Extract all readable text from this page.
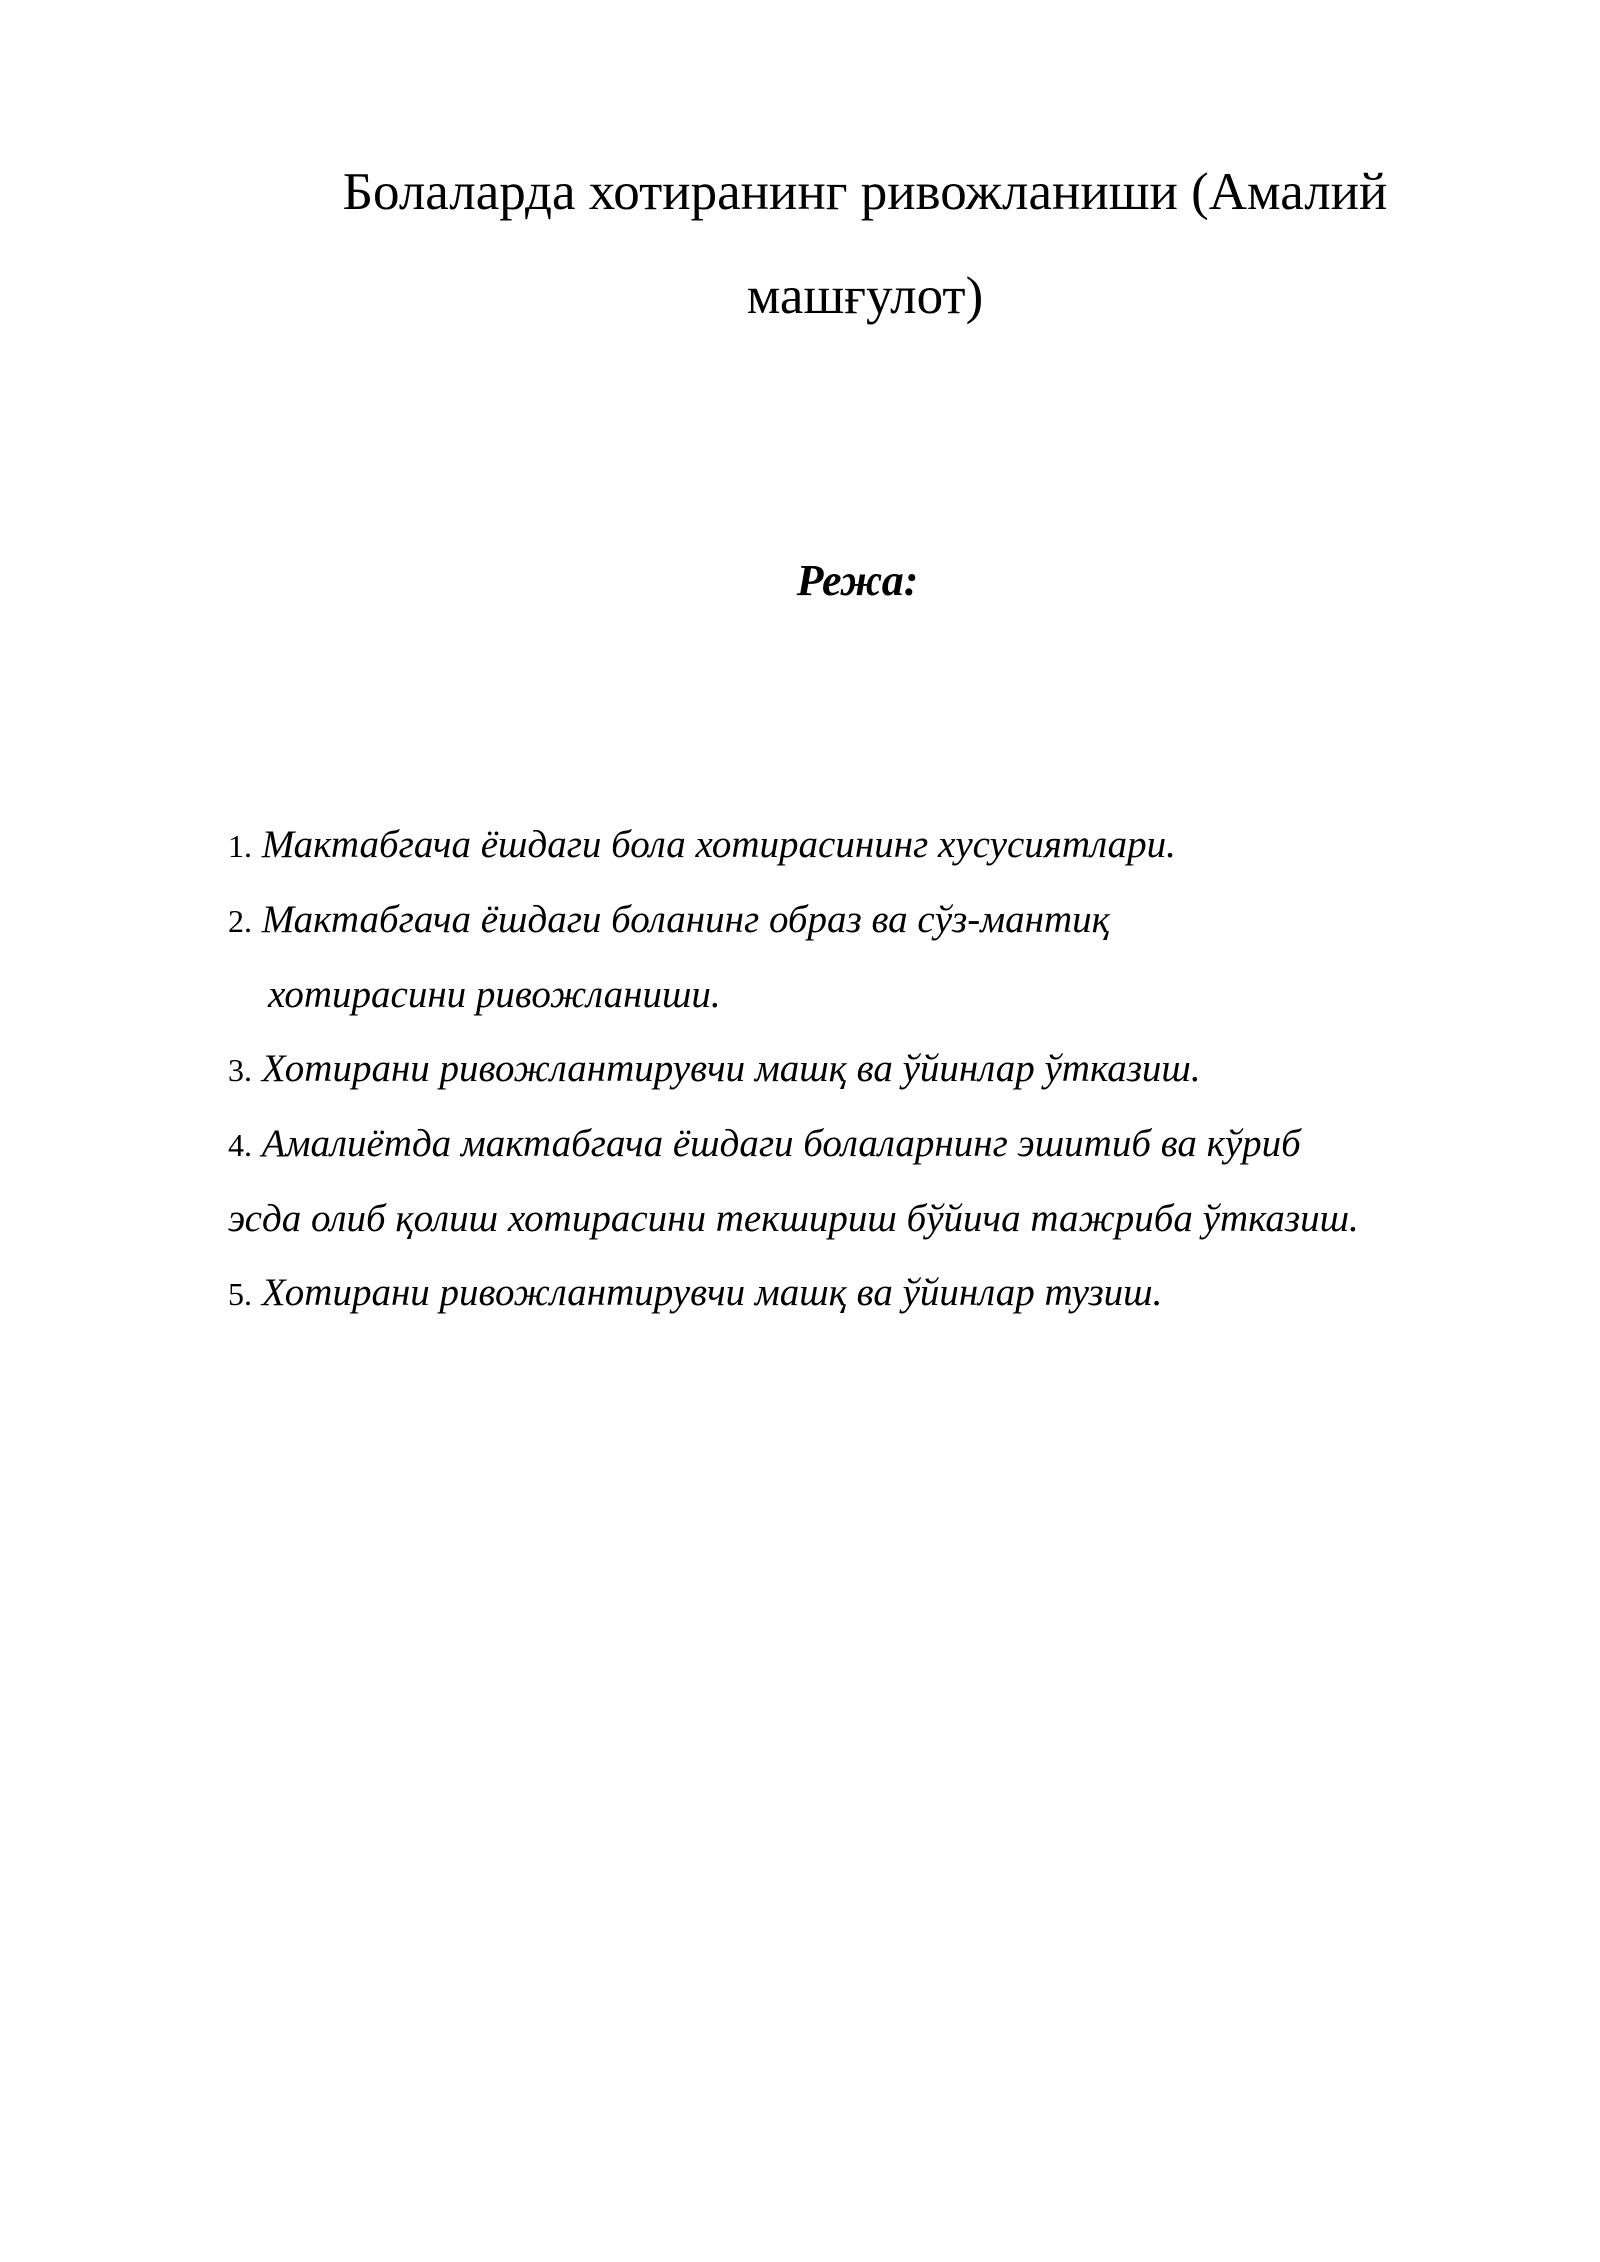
Болаларда хотиранинг ривожланиши (Амалий
машғулот)
Режа:
1. Мактабгача ёшдаги бола хотирасининг хусусиятлари.
2. Мактабгача ёшдаги боланинг образ ва сўз-мантиқ
хотирасини ривожланиши.
3. Хотирани ривожлантирувчи машқ ва ўйинлар ўтказиш.
4. Амалиётда мактабгача ёшдаги болаларнинг эшитиб ва кўриб
эсда олиб қолиш хотирасини текшириш бўйича тажриба ўтказиш.
5. Хотирани ривожлантирувчи машқ ва ўйинлар тузиш.
